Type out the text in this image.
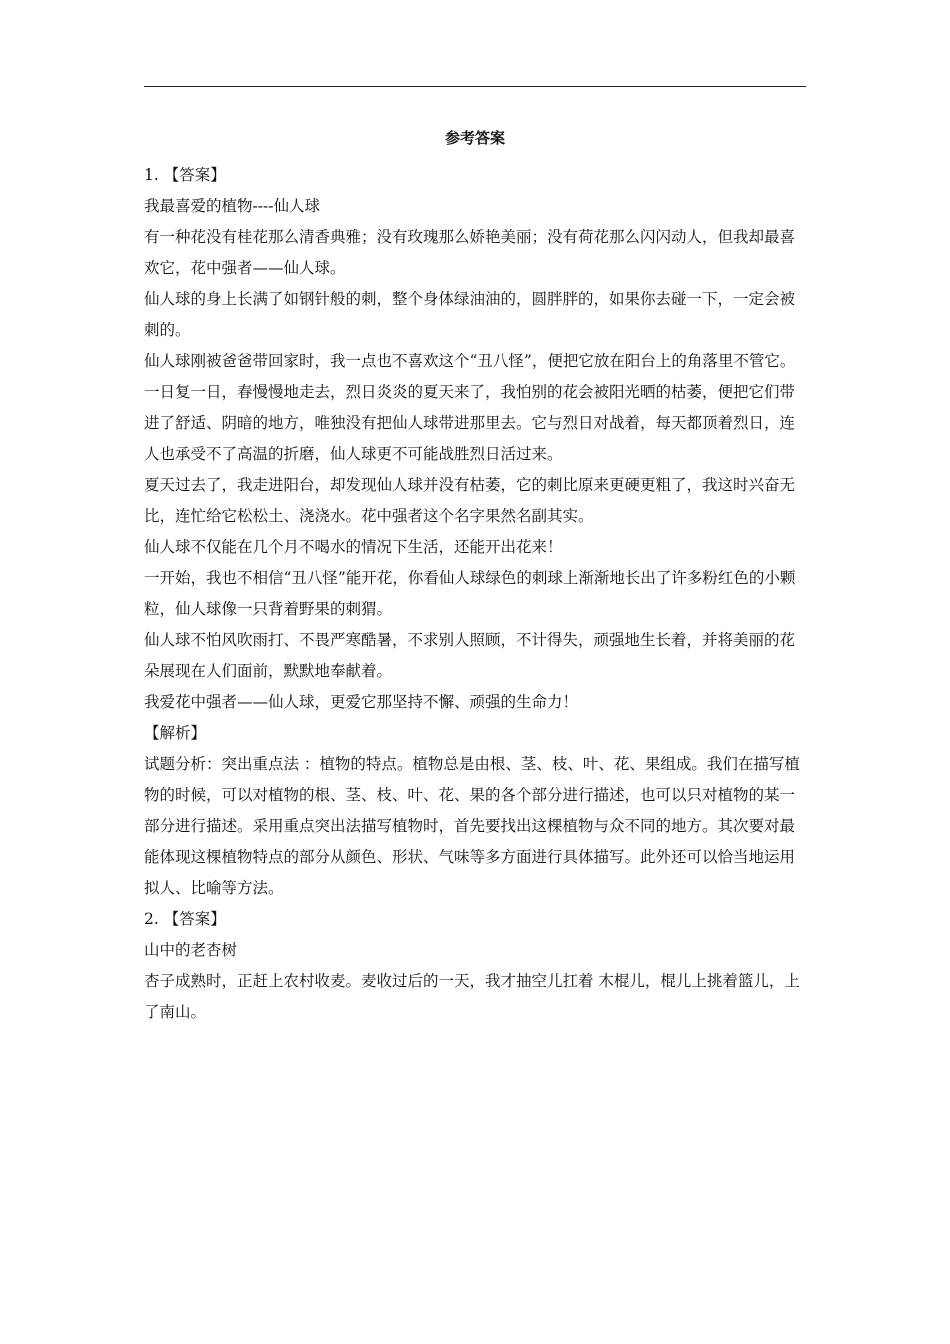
参考答案

1. 【答案】

我最喜爱的植物----仙人球

有一种花没有桂花那么清香典雅；没有玫瑰那么娇艳美丽；没有荷花那么闪闪动人，但我却最喜欢它，花中强者——仙人球。

仙人球的身上长满了如钢针般的刺，整个身体绿油油的，圆胖胖的，如果你去碰一下，一定会被刺的。

仙人球刚被爸爸带回家时，我一点也不喜欢这个“丑八怪”，便把它放在阳台上的角落里不管它。

一日复一日，春慢慢地走去，烈日炎炎的夏天来了，我怕别的花会被阳光晒的枯萎，便把它们带进了舒适、阴暗的地方，唯独没有把仙人球带进那里去。它与烈日对战着，每天都顶着烈日，连人也承受不了高温的折磨，仙人球更不可能战胜烈日活过来。

夏天过去了，我走进阳台，却发现仙人球并没有枯萎，它的刺比原来更硬更粗了，我这时兴奋无比，连忙给它松松土、浇浇水。花中强者这个名字果然名副其实。

仙人球不仅能在几个月不喝水的情况下生活，还能开出花来！

一开始，我也不相信“丑八怪”能开花，你看仙人球绿色的刺球上渐渐地长出了许多粉红色的小颗粒，仙人球像一只背着野果的刺猬。

仙人球不怕风吹雨打、不畏严寒酷暑，不求别人照顾，不计得失，顽强地生长着，并将美丽的花朵展现在人们面前，默默地奉献着。

我爱花中强者——仙人球，更爱它那坚持不懈、顽强的生命力！

【解析】

试题分析：突出重点法 ：植物的特点。植物总是由根、茎、枝、叶、花、果组成。我们在描写植物的时候，可以对植物的根、茎、枝、叶、花、果的各个部分进行描述，也可以只对植物的某一部分进行描述。采用重点突出法描写植物时，首先要找出这棵植物与众不同的地方。其次要对最能体现这棵植物特点的部分从颜色、形状、气味等多方面进行具体描写。此外还可以恰当地运用拟人、比喻等方法。

2. 【答案】

山中的老杏树

杏子成熟时，正赶上农村收麦。麦收过后的一天，我才抽空儿扛着 木棍儿，棍儿上挑着篮儿，上了南山。
